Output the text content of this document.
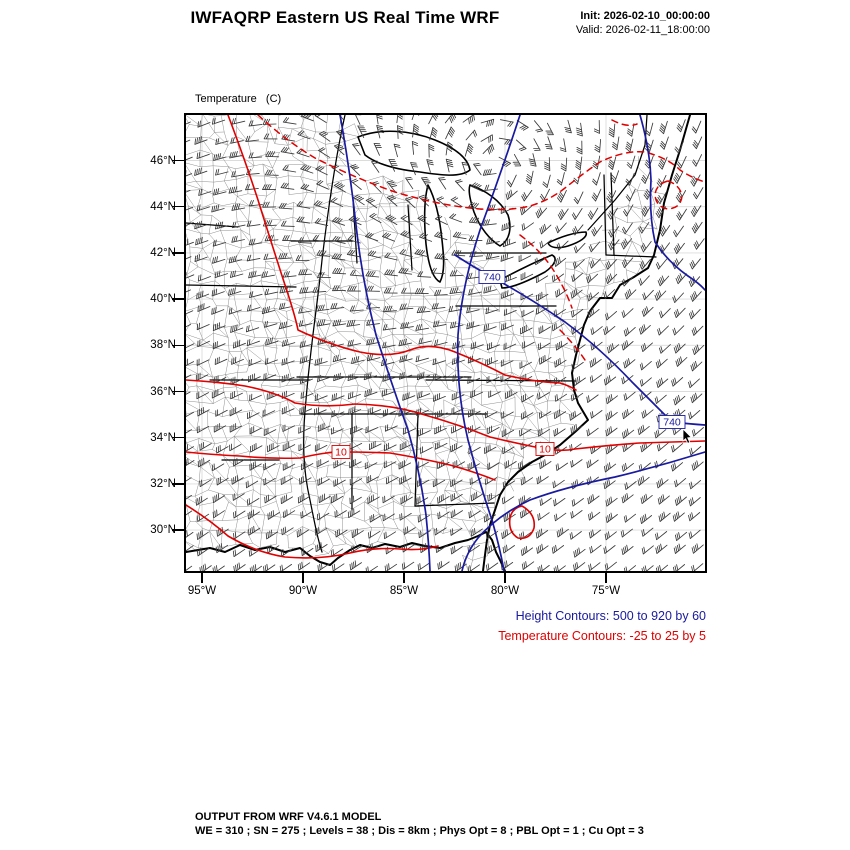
IWFAQRP Eastern US Real Time WRF	Init: 2026-02-10_00:00:00
Valid: 2026-02-11_18:00:00

Temperature   (C)

740
740
10
10
46°N
44°N
42°N
40°N
38°N
36°N
34°N
32°N
30°N
95°W	90°W	85°W	80°W	75°W
Height Contours: 500 to 920 by 60
Temperature Contours: -25 to 25 by 5
OUTPUT FROM WRF V4.6.1 MODEL
WE = 310 ; SN = 275 ; Levels = 38 ; Dis = 8km ; Phys Opt = 8 ; PBL Opt = 1 ; Cu Opt = 3
